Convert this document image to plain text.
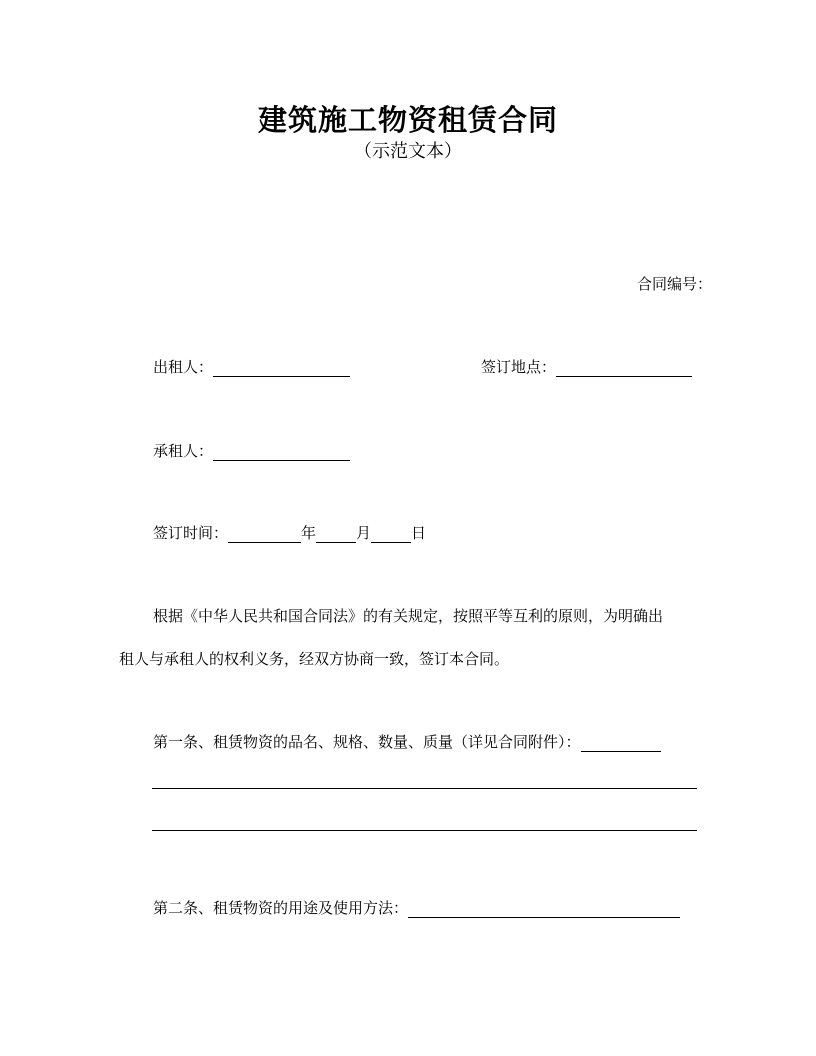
建筑施工物资租赁合同
（示范文本）
合同编号：
出租人：	签订地点：
承租人：
签订时间：	年	月	日
根据《中华人民共和国合同法》的有关规定，按照平等互利的原则，为明确出
租人与承租人的权利义务，经双方协商一致，签订本合同。
第一条、租赁物资的品名、规格、数量、质量（详见合同附件）：
第二条、租赁物资的用途及使用方法：
